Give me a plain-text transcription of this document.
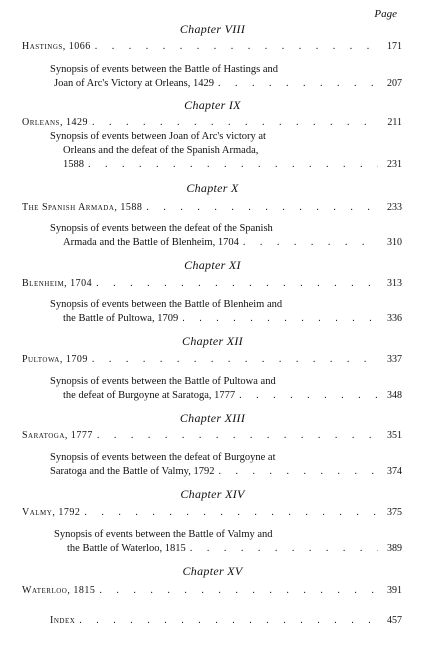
Page
Chapter VIII
Hastings, 1066 . . .	171
Synopsis of events between the Battle of Hastings and
Joan of Arc's Victory at Orleans, 1429 . . .	207
Chapter IX
Orleans, 1429 . . .	211
Synopsis of events between Joan of Arc's victory at
Orleans and the defeat of the Spanish Armada,
1588 . . .	231
Chapter X
The Spanish Armada, 1588 . . .	233
Synopsis of events between the defeat of the Spanish
Armada and the Battle of Blenheim, 1704 . . .	310
Chapter XI
Blenheim, 1704 . . .	313
Synopsis of events between the Battle of Blenheim and
the Battle of Pultowa, 1709 . . .	336
Chapter XII
Pultowa, 1709 . . .	337
Synopsis of events between the Battle of Pultowa and
the defeat of Burgoyne at Saratoga, 1777 . . .	348
Chapter XIII
Saratoga, 1777 . . .	351
Synopsis of events between the defeat of Burgoyne at
Saratoga and the Battle of Valmy, 1792 . . .	374
Chapter XIV
Valmy, 1792 . . .	375
Synopsis of events between the Battle of Valmy and
the Battle of Waterloo, 1815 . . .	389
Chapter XV
Waterloo, 1815 . . .	391
Index . . .	457
